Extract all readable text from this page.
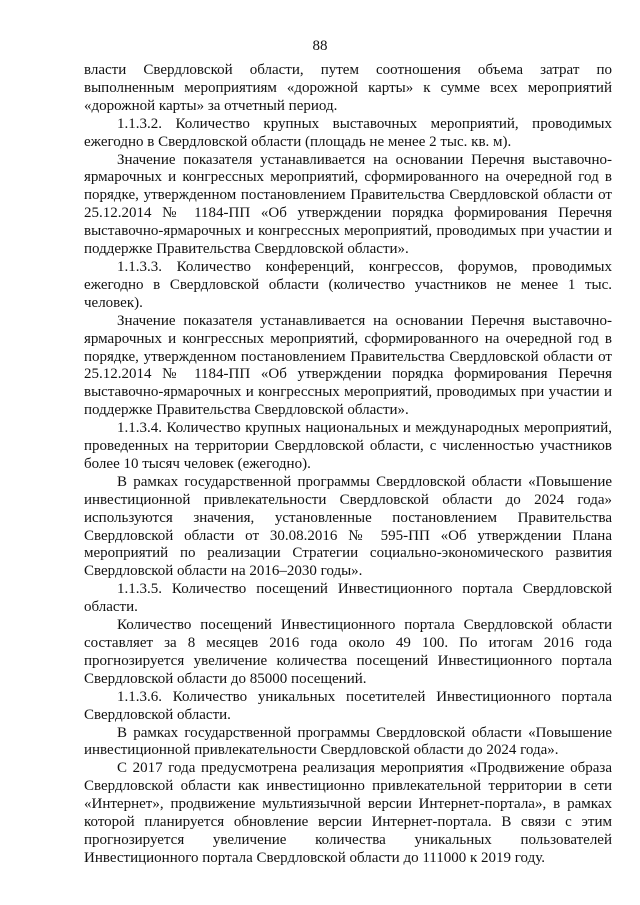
88

власти Свердловской области, путем соотношения объема затрат по выполненным мероприятиям «дорожной карты» к сумме всех мероприятий «дорожной карты» за отчетный период.

1.1.3.2. Количество крупных выставочных мероприятий, проводимых ежегодно в Свердловской области (площадь не менее 2 тыс. кв. м).

Значение показателя устанавливается на основании Перечня выставочно-ярмарочных и конгрессных мероприятий, сформированного на очередной год в порядке, утвержденном постановлением Правительства Свердловской области от 25.12.2014 № 1184-ПП «Об утверждении порядка формирования Перечня выставочно-ярмарочных и конгрессных мероприятий, проводимых при участии и поддержке Правительства Свердловской области».

1.1.3.3. Количество конференций, конгрессов, форумов, проводимых ежегодно в Свердловской области (количество участников не менее 1 тыс. человек).

Значение показателя устанавливается на основании Перечня выставочно-ярмарочных и конгрессных мероприятий, сформированного на очередной год в порядке, утвержденном постановлением Правительства Свердловской области от 25.12.2014 № 1184-ПП «Об утверждении порядка формирования Перечня выставочно-ярмарочных и конгрессных мероприятий, проводимых при участии и поддержке Правительства Свердловской области».

1.1.3.4. Количество крупных национальных и международных мероприятий, проведенных на территории Свердловской области, с численностью участников более 10 тысяч человек (ежегодно).

В рамках государственной программы Свердловской области «Повышение инвестиционной привлекательности Свердловской области до 2024 года» используются значения, установленные постановлением Правительства Свердловской области от 30.08.2016 № 595-ПП «Об утверждении Плана мероприятий по реализации Стратегии социально-экономического развития Свердловской области на 2016–2030 годы».

1.1.3.5. Количество посещений Инвестиционного портала Свердловской области.

Количество посещений Инвестиционного портала Свердловской области составляет за 8 месяцев 2016 года около 49 100. По итогам 2016 года прогнозируется увеличение количества посещений Инвестиционного портала Свердловской области до 85000 посещений.

1.1.3.6. Количество уникальных посетителей Инвестиционного портала Свердловской области.

В рамках государственной программы Свердловской области «Повышение инвестиционной привлекательности Свердловской области до 2024 года».

С 2017 года предусмотрена реализация мероприятия «Продвижение образа Свердловской области как инвестиционно привлекательной территории в сети «Интернет», продвижение мультиязычной версии Интернет-портала», в рамках которой планируется обновление версии Интернет-портала. В связи с этим прогнозируется увеличение количества уникальных пользователей Инвестиционного портала Свердловской области до 111000 к 2019 году.
